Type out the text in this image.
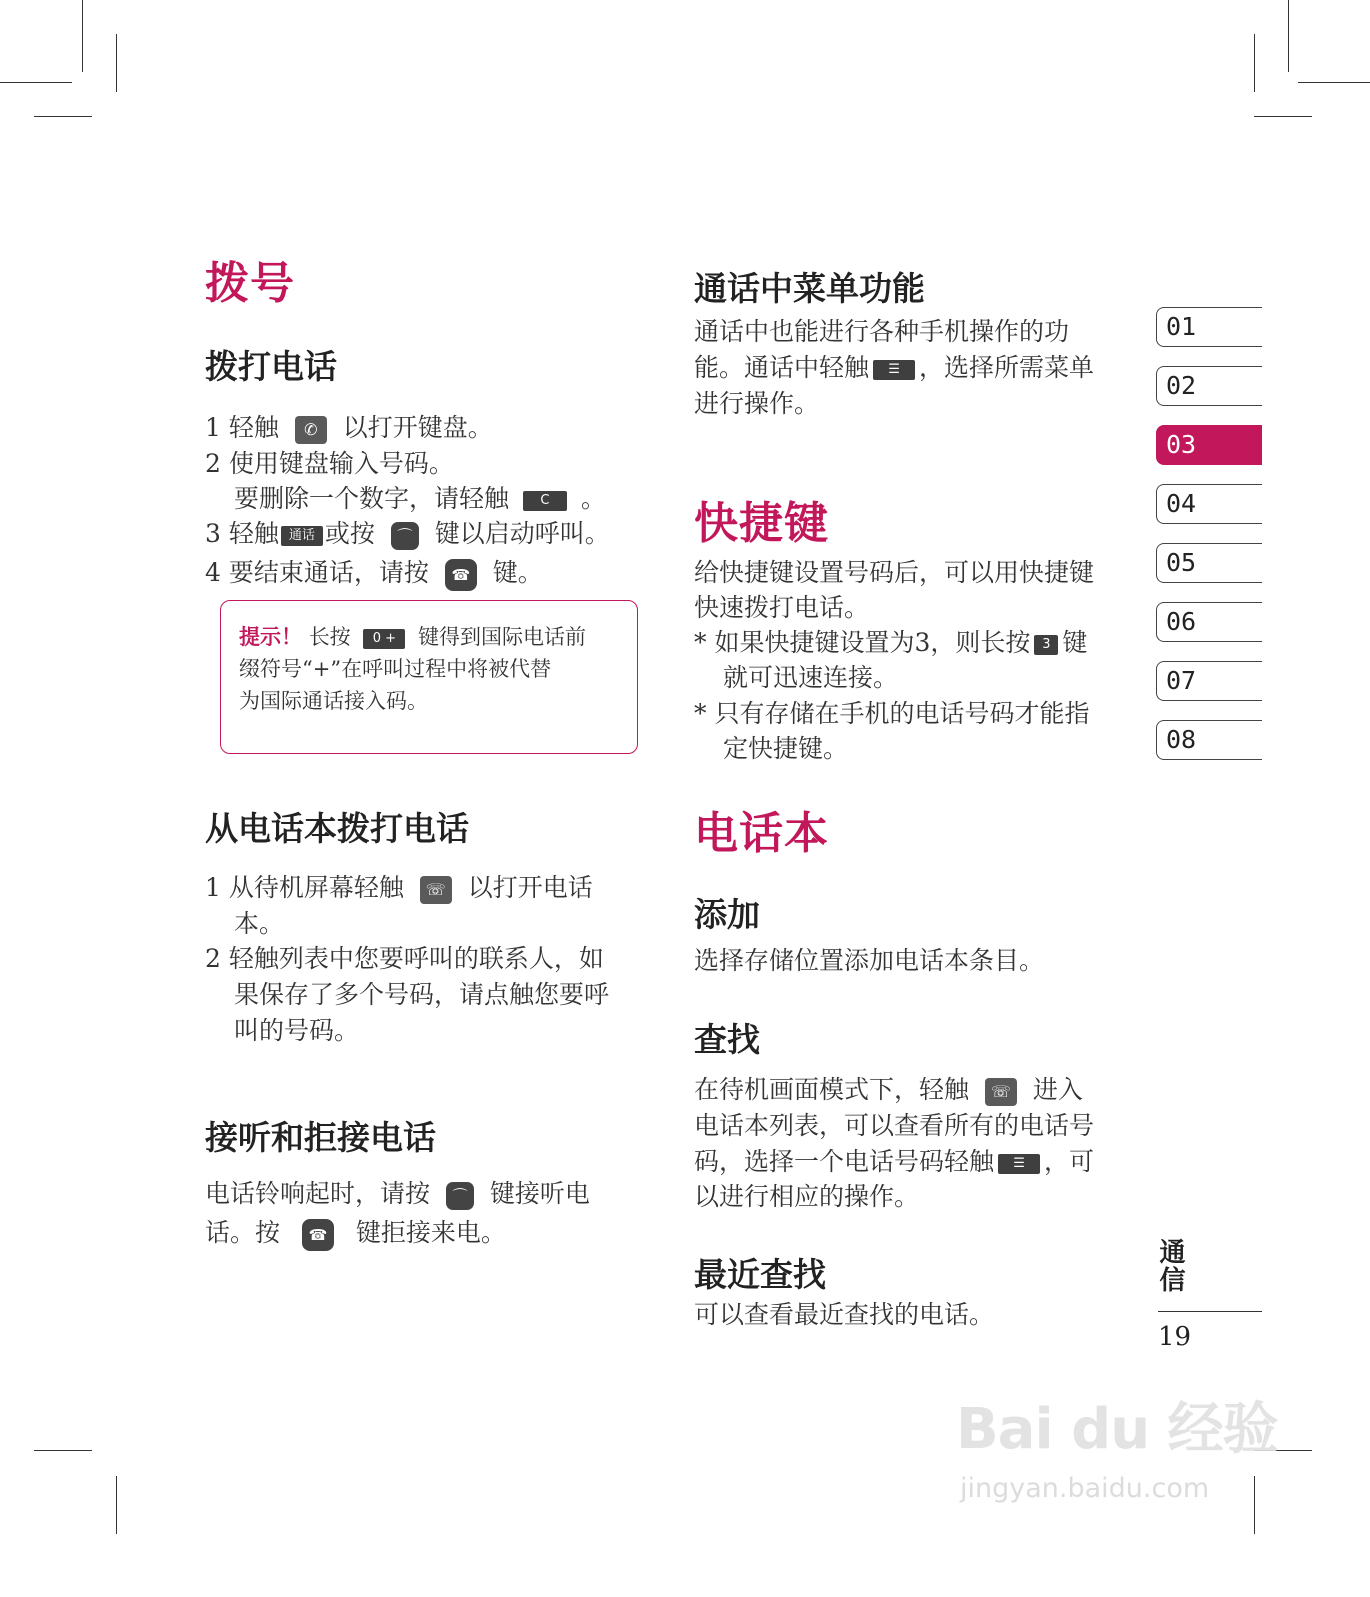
拨号
拨打电话
1 轻触 ✆ 以打开键盘。
2 使用键盘输入号码。
要删除一个数字，请轻触 C 。
3 轻触 通话 或按 ⌒ 键以启动呼叫。
4 要结束通话，请按 ☎ 键。
提示！ 长按 0 + 键得到国际电话前
缀符号“+”在呼叫过程中将被代替
为国际通话接入码。
从电话本拨打电话
1 从待机屏幕轻触 ☏ 以打开电话
本。
2 轻触列表中您要呼叫的联系人，如
果保存了多个号码，请点触您要呼
叫的号码。
接听和拒接电话
电话铃响起时，请按 ⌒ 键接听电
话。按 ☎ 键拒接来电。
通话中菜单功能
通话中也能进行各种手机操作的功
能。通话中轻触 ☰ ，选择所需菜单
进行操作。
快捷键
给快捷键设置号码后，可以用快捷键
快速拨打电话。
* 如果快捷键设置为3，则长按 3 键
就可迅速连接。
* 只有存储在手机的电话号码才能指
定快捷键。
电话本
添加
选择存储位置添加电话本条目。
查找
在待机画面模式下，轻触 ☏ 进入
电话本列表，可以查看所有的电话号
码，选择一个电话号码轻触 ☰ ，可
以进行相应的操作。
最近查找
可以查看最近查找的电话。
01
02
03
04
05
06
07
08
通信
19
Bai du 经验
jingyan.baidu.com
